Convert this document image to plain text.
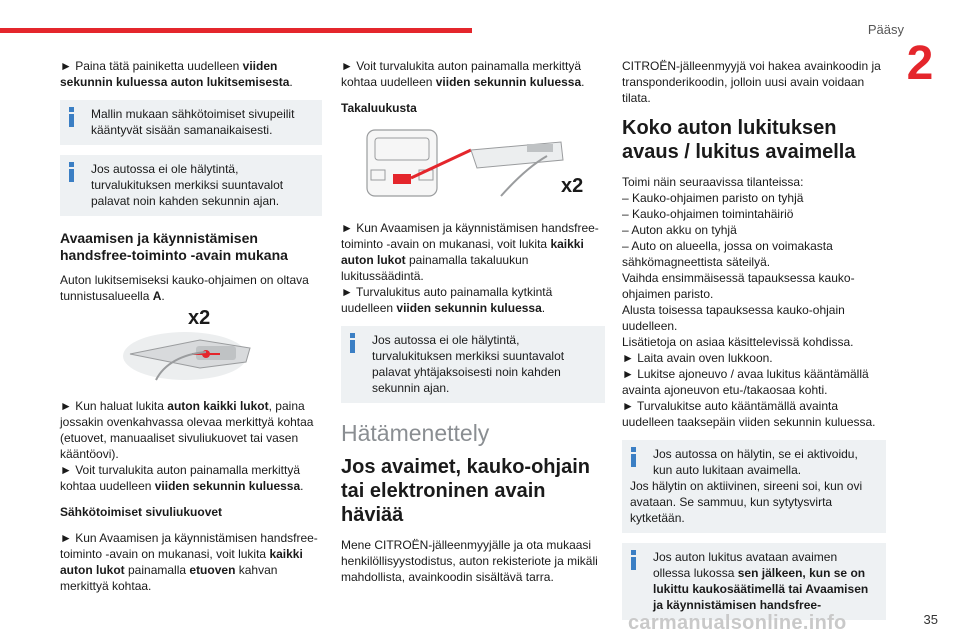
Pääsy
2

► Paina tätä painiketta uudelleen viiden sekunnin kuluessa auton lukitsemisesta.

Mallin mukaan sähkötoimiset sivupeilit kääntyvät sisään samanaikaisesti.
Jos autossa ei ole hälytintä,
turvalukituksen merkiksi suuntavalot palavat noin kahden sekunnin ajan.
Avaamisen ja käynnistämisen handsfree-toiminto -avain mukana

Auton lukitsemiseksi kauko-ohjaimen on oltava tunnistusalueella A.

x2

► Kun haluat lukita auton kaikki lukot, paina jossakin ovenkahvassa olevaa merkittyä kohtaa (etuovet, manuaaliset sivuliukuovet tai vasen kääntöovi).
► Voit turvalukita auton painamalla merkittyä kohtaa uudelleen viiden sekunnin kuluessa.

Sähkötoimiset sivuliukuovet

► Kun Avaamisen ja käynnistämisen handsfree-toiminto -avain on mukanasi, voit lukita kaikki auton lukot painamalla etuoven kahvan merkittyä kohtaa.

► Voit turvalukita auton painamalla merkittyä kohtaa uudelleen viiden sekunnin kuluessa.

Takaluukusta
x2

► Kun Avaamisen ja käynnistämisen handsfree-toiminto -avain on mukanasi, voit lukita kaikki auton lukot painamalla takaluukun lukitussäädintä.
► Turvalukitus auto painamalla kytkintä uudelleen viiden sekunnin kuluessa.

Jos autossa ei ole hälytintä,
turvalukituksen merkiksi suuntavalot palavat yhtäjaksoisesti noin kahden sekunnin ajan.
Hätämenettely
Jos avaimet, kauko-ohjain tai elektroninen avain häviää

Mene CITROËN-jälleenmyyjälle ja ota mukaasi henkilöllisyystodistus, auton rekisteriote ja mikäli mahdollista, avainkoodin sisältävä tarra.

CITROËN-jälleenmyyjä voi hakea avainkoodin ja transponderikoodin, jolloin uusi avain voidaan tilata.

Koko auton lukituksen avaus / lukitus avaimella
Toimi näin seuraavissa tilanteissa:
– Kauko-ohjaimen paristo on tyhjä
– Kauko-ohjaimen toimintahäiriö
– Auton akku on tyhjä
– Auto on alueella, jossa on voimakasta sähkömagneettista säteilyä.
Vaihda ensimmäisessä tapauksessa kauko-ohjaimen paristo.
Alusta toisessa tapauksessa kauko-ohjain uudelleen.
Lisätietoja on asiaa käsittelevissä kohdissa.
► Laita avain oven lukkoon.
► Lukitse ajoneuvo / avaa lukitus kääntämällä avainta ajoneuvon etu-/takaosaa kohti.
► Turvalukitse auto kääntämällä avainta uudelleen taaksepäin viiden sekunnin kuluessa.
Jos autossa on hälytin, se ei aktivoidu,
kun auto lukitaan avaimella.
Jos hälytin on aktiivinen, sireeni soi, kun ovi avataan. Se sammuu, kun sytytysvirta kytketään.
Jos auton lukitus avataan avaimen
ollessa lukossa sen jälkeen, kun se on lukittu kaukosäätimellä tai Avaamisen ja käynnistämisen handsfree-
carmanualsonline.info	35
